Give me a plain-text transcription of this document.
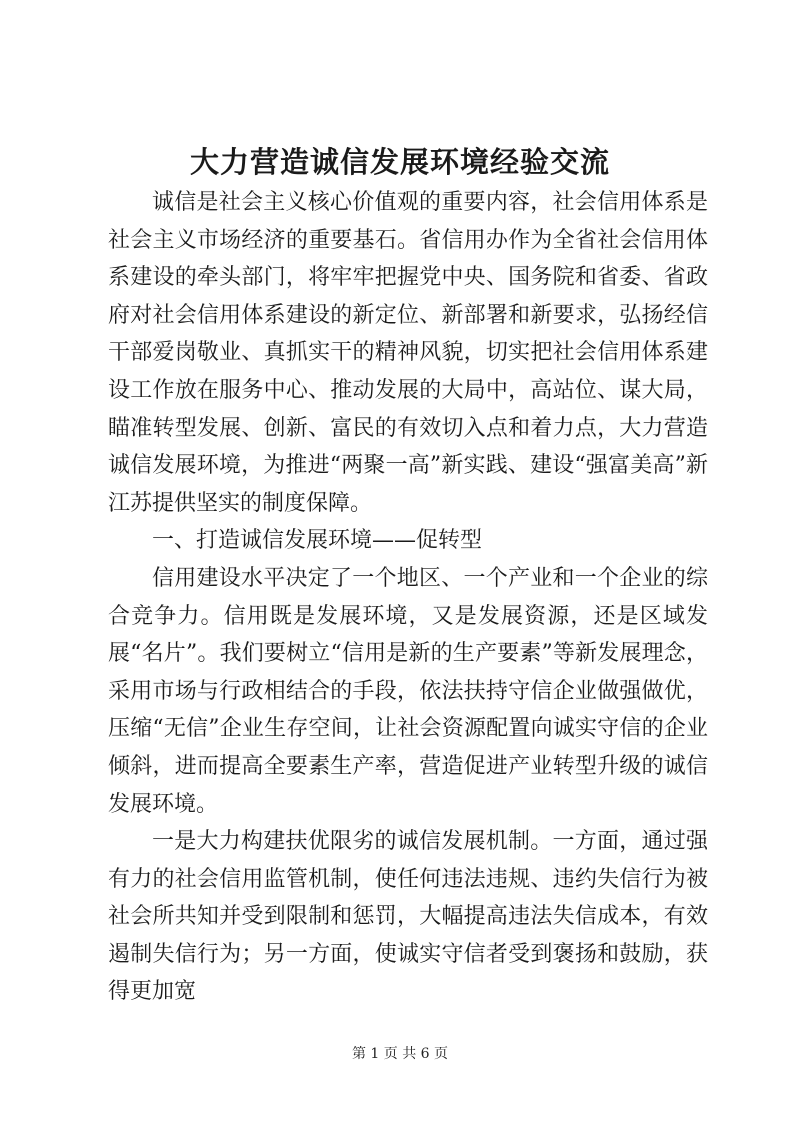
大力营造诚信发展环境经验交流

诚信是社会主义核心价值观的重要内容，社会信用体系是社会主义市场经济的重要基石。省信用办作为全省社会信用体系建设的牵头部门，将牢牢把握党中央、国务院和省委、省政府对社会信用体系建设的新定位、新部署和新要求，弘扬经信干部爱岗敬业、真抓实干的精神风貌，切实把社会信用体系建设工作放在服务中心、推动发展的大局中，高站位、谋大局，瞄准转型发展、创新、富民的有效切入点和着力点，大力营造诚信发展环境，为推进“两聚一高”新实践、建设“强富美高”新江苏提供坚实的制度保障。

一、打造诚信发展环境——促转型

信用建设水平决定了一个地区、一个产业和一个企业的综合竞争力。信用既是发展环境，又是发展资源，还是区域发展“名片”。我们要树立“信用是新的生产要素”等新发展理念，采用市场与行政相结合的手段，依法扶持守信企业做强做优，压缩“无信”企业生存空间，让社会资源配置向诚实守信的企业倾斜，进而提高全要素生产率，营造促进产业转型升级的诚信发展环境。

一是大力构建扶优限劣的诚信发展机制。一方面，通过强有力的社会信用监管机制，使任何违法违规、违约失信行为被社会所共知并受到限制和惩罚，大幅提高违法失信成本，有效遏制失信行为；另一方面，使诚实守信者受到褒扬和鼓励，获得更加宽

第 1 页 共 6 页
